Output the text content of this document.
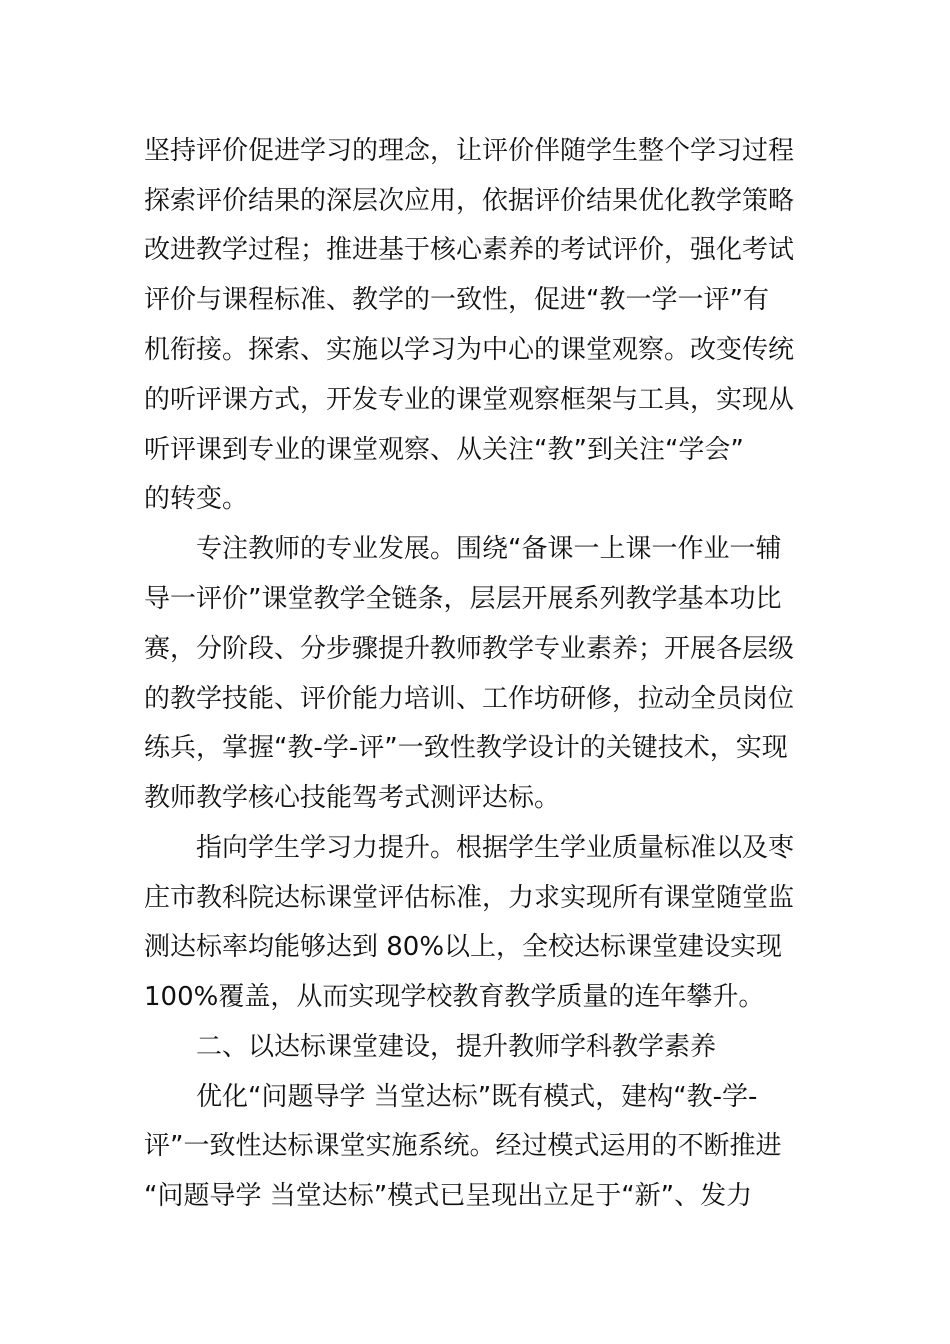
坚持评价促进学习的理念，让评价伴随学生整个学习过程
探索评价结果的深层次应用，依据评价结果优化教学策略
改进教学过程；推进基于核心素养的考试评价，强化考试
评价与课程标准、教学的一致性，促进“教一学一评”有
机衔接。探索、实施以学习为中心的课堂观察。改变传统
的听评课方式，开发专业的课堂观察框架与工具，实现从
听评课到专业的课堂观察、从关注“教”到关注“学会”
的转变。
专注教师的专业发展。围绕“备课一上课一作业一辅
导一评价”课堂教学全链条，层层开展系列教学基本功比
赛，分阶段、分步骤提升教师教学专业素养；开展各层级
的教学技能、评价能力培训、工作坊研修，拉动全员岗位
练兵，掌握“教-学-评”一致性教学设计的关键技术，实现
教师教学核心技能驾考式测评达标。
指向学生学习力提升。根据学生学业质量标准以及枣
庄市教科院达标课堂评估标准，力求实现所有课堂随堂监
测达标率均能够达到 80%以上，全校达标课堂建设实现
100%覆盖，从而实现学校教育教学质量的连年攀升。
二、以达标课堂建设，提升教师学科教学素养
优化“问题导学 当堂达标”既有模式，建构“教-学-
评”一致性达标课堂实施系统。经过模式运用的不断推进
“问题导学 当堂达标”模式已呈现出立足于“新”、发力
